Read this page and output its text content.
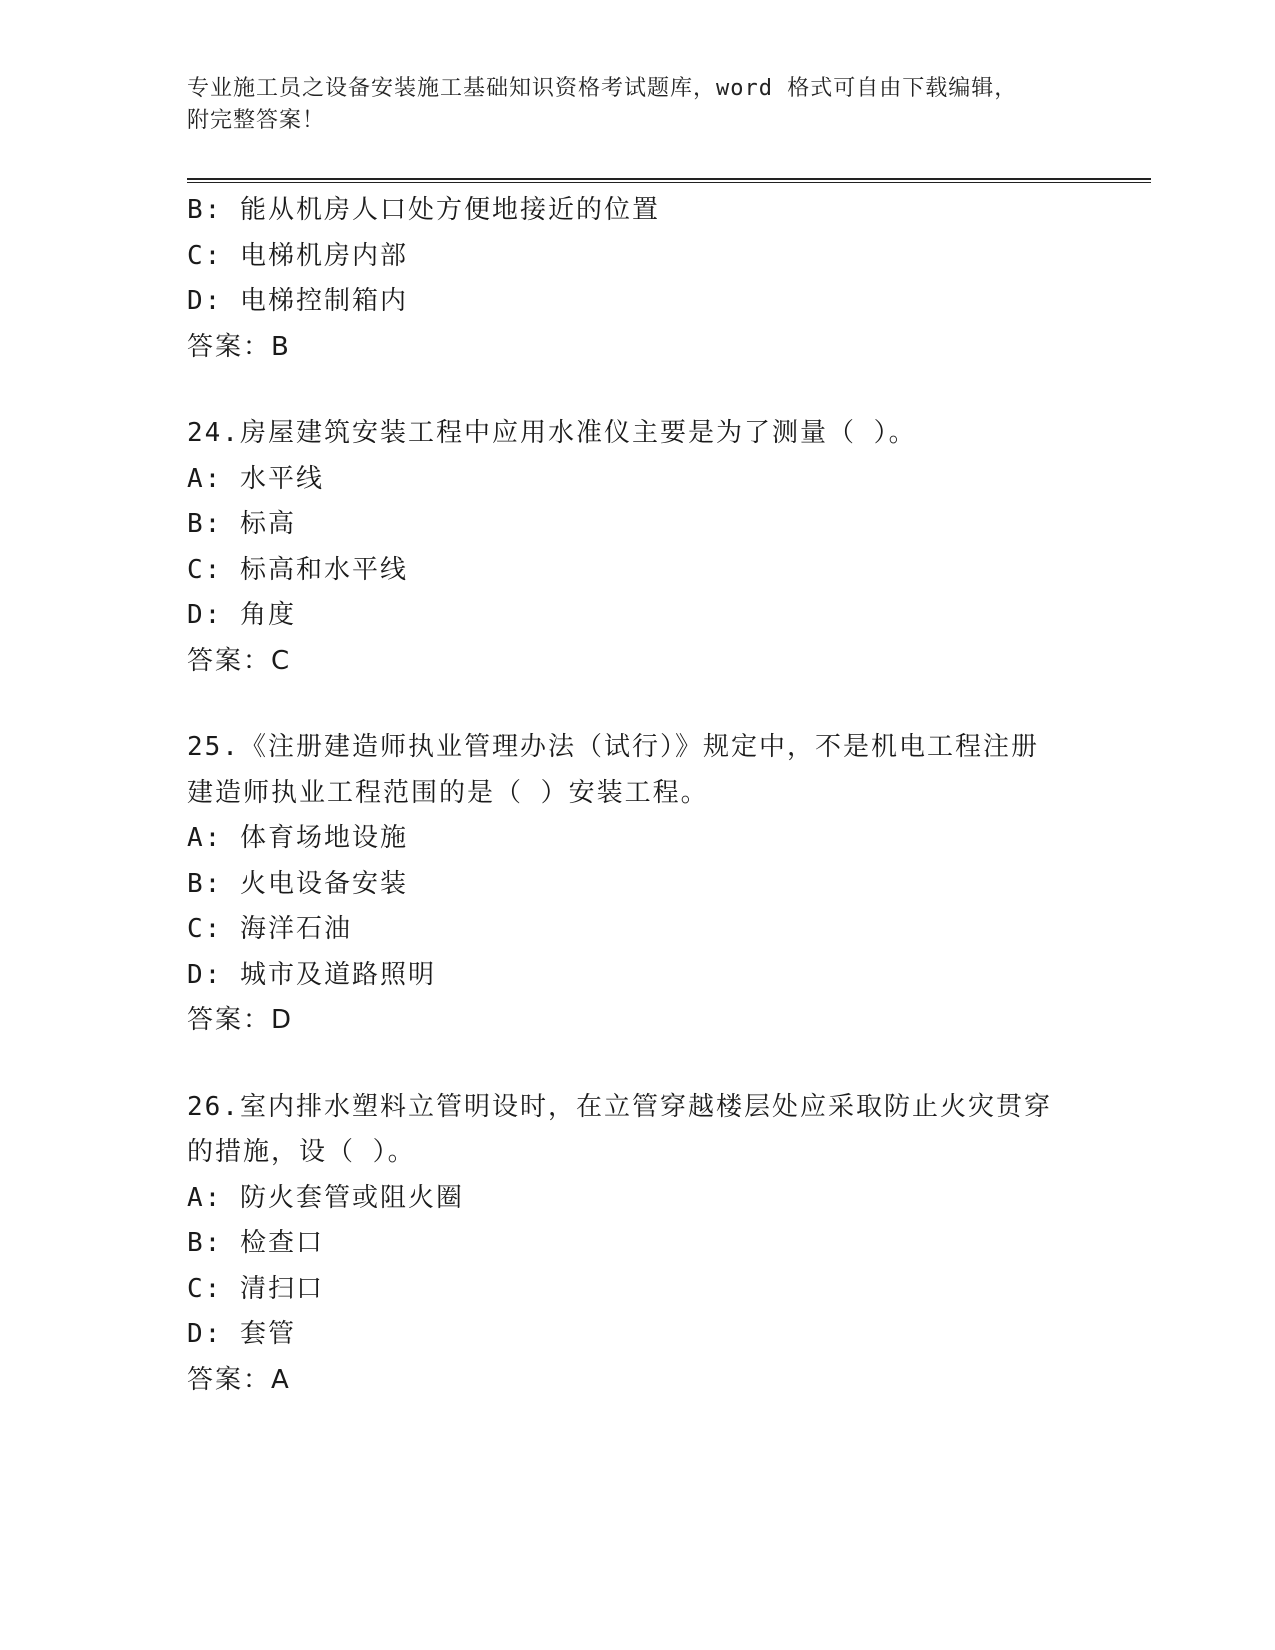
专业施工员之设备安装施工基础知识资格考试题库，word 格式可自由下载编辑，
附完整答案！
B: 能从机房人口处方便地接近的位置
C: 电梯机房内部
D: 电梯控制箱内
答案：B
24.房屋建筑安装工程中应用水准仪主要是为了测量（ ）。
A: 水平线
B: 标高
C: 标高和水平线
D: 角度
答案：C
25.《注册建造师执业管理办法（试行）》规定中，不是机电工程注册
建造师执业工程范围的是（ ）安装工程。
A: 体育场地设施
B: 火电设备安装
C: 海洋石油
D: 城市及道路照明
答案：D
26.室内排水塑料立管明设时，在立管穿越楼层处应采取防止火灾贯穿
的措施，设（ ）。
A: 防火套管或阻火圈
B: 检查口
C: 清扫口
D: 套管
答案：A
